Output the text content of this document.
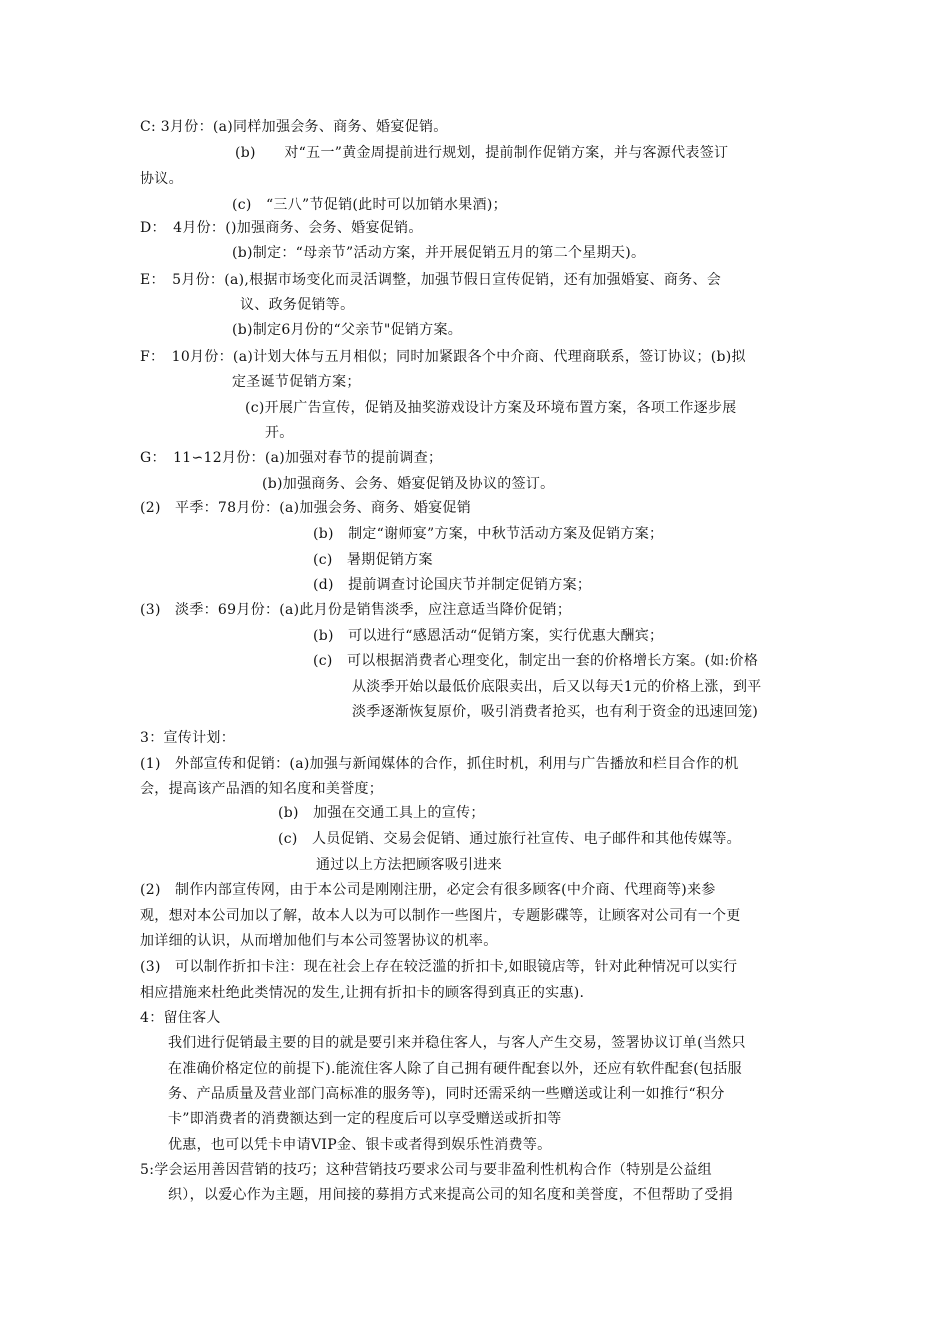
C: 3月份：(a)同样加强会务、商务、婚宴促销。
(b)　　对“五一”黄金周提前进行规划，提前制作促销方案，并与客源代表签订
协议。
(c)　“三八”节促销(此时可以加销水果酒)；
D：　4月份：()加强商务、会务、婚宴促销。
(b)制定：“母亲节”活动方案，并开展促销五月的第二个星期天)。
E：　5月份：(a),根据市场变化而灵活调整，加强节假日宣传促销，还有加强婚宴、商务、会
议、政务促销等。
(b)制定6月份的“父亲节"促销方案。
F：　10月份：(a)计划大体与五月相似；同时加紧跟各个中介商、代理商联系，签订协议；(b)拟
定圣诞节促销方案；
(c)开展广告宣传，促销及抽奖游戏设计方案及环境布置方案，各项工作逐步展
开。
G：　11∽12月份：(a)加强对春节的提前调查；
(b)加强商务、会务、婚宴促销及协议的签订。
(2)　平季：78月份：(a)加强会务、商务、婚宴促销
(b)　制定“谢师宴”方案，中秋节活动方案及促销方案；
(c)　暑期促销方案
(d)　提前调查讨论国庆节并制定促销方案；
(3)　淡季：69月份：(a)此月份是销售淡季，应注意适当降价促销；
(b)　可以进行“感恩活动“促销方案，实行优惠大酬宾；
(c)　可以根据消费者心理变化，制定出一套的价格增长方案。(如:价格
从淡季开始以最低价底限卖出，后又以每天1元的价格上涨，到平
淡季逐渐恢复原价，吸引消费者抢买，也有利于资金的迅速回笼)
3：宣传计划：
(1)　外部宣传和促销：(a)加强与新闻媒体的合作，抓住时机，利用与广告播放和栏目合作的机
会，提高该产品酒的知名度和美誉度；
(b)　加强在交通工具上的宣传；
(c)　人员促销、交易会促销、通过旅行社宣传、电子邮件和其他传媒等。
通过以上方法把顾客吸引进来
(2)　制作内部宣传网，由于本公司是刚刚注册，必定会有很多顾客(中介商、代理商等)来参
观，想对本公司加以了解，故本人以为可以制作一些图片，专题影碟等，让顾客对公司有一个更
加详细的认识，从而增加他们与本公司签署协议的机率。
(3)　可以制作折扣卡注：现在社会上存在较泛滥的折扣卡,如眼镜店等，针对此种情况可以实行
相应措施来杜绝此类情况的发生,让拥有折扣卡的顾客得到真正的实惠).
4：留住客人
我们进行促销最主要的目的就是要引来并稳住客人，与客人产生交易，签署协议订单(当然只
在准确价格定位的前提下).能流住客人除了自己拥有硬件配套以外，还应有软件配套(包括服
务、产品质量及营业部门高标准的服务等)，同时还需采纳一些赠送或让利一如推行“积分
卡”即消费者的消费额达到一定的程度后可以享受赠送或折扣等
优惠，也可以凭卡申请VIP金、银卡或者得到娱乐性消费等。
5:学会运用善因营销的技巧；这种营销技巧要求公司与要非盈利性机构合作（特别是公益组
织），以爱心作为主题，用间接的募捐方式来提高公司的知名度和美誉度，不但帮助了受捐
